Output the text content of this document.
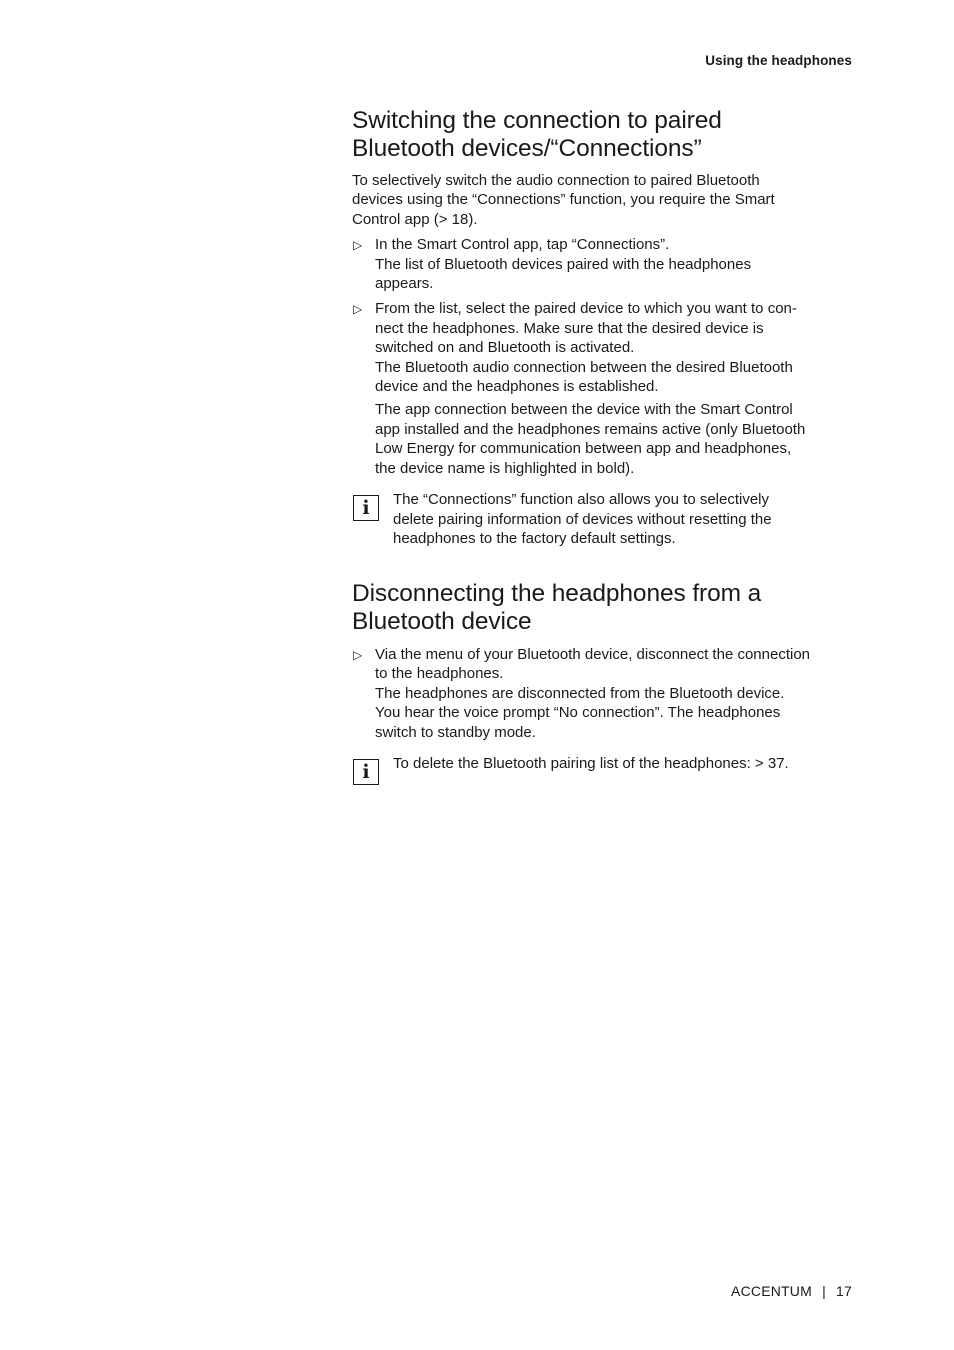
Using the headphones
Switching the connection to paired
Bluetooth devices/“Connections”
To selectively switch the audio connection to paired Bluetooth
devices using the “Connections” function, you require the Smart
Control app (> 18).
▷ In the Smart Control app, tap “Connections”.
The list of Bluetooth devices paired with the headphones
appears.
▷ From the list, select the paired device to which you want to con-
nect the headphones. Make sure that the desired device is
switched on and Bluetooth is activated.
The Bluetooth audio connection between the desired Bluetooth
device and the headphones is established.
The app connection between the device with the Smart Control
app installed and the headphones remains active (only Bluetooth
Low Energy for communication between app and headphones,
the device name is highlighted in bold).
i	The “Connections” function also allows you to selectively
delete pairing information of devices without resetting the
headphones to the factory default settings.
Disconnecting the headphones from a
Bluetooth device
▷ Via the menu of your Bluetooth device, disconnect the connection
to the headphones.
The headphones are disconnected from the Bluetooth device.
You hear the voice prompt “No connection”. The headphones
switch to standby mode.
i	To delete the Bluetooth pairing list of the headphones: > 37.
ACCENTUM | 17
